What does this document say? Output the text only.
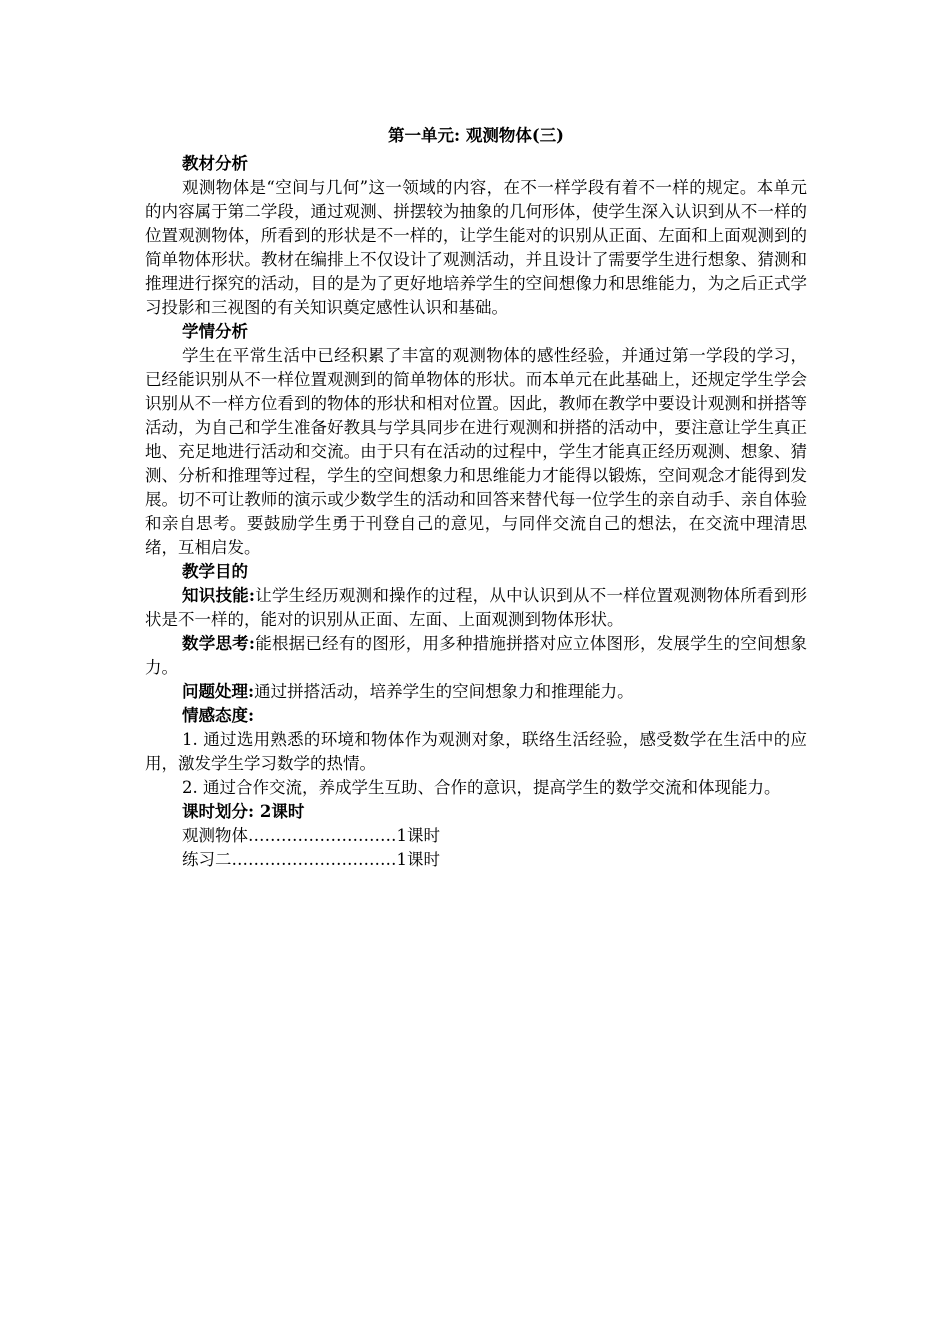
第一单元: 观测物体(三)

教材分析

观测物体是“空间与几何”这一领域的内容，在不一样学段有着不一样的规定。本单元的内容属于第二学段，通过观测、拼摆较为抽象的几何形体，使学生深入认识到从不一样的位置观测物体，所看到的形状是不一样的，让学生能对的识别从正面、左面和上面观测到的简单物体形状。教材在编排上不仅设计了观测活动，并且设计了需要学生进行想象、猜测和推理进行探究的活动，目的是为了更好地培养学生的空间想像力和思维能力，为之后正式学习投影和三视图的有关知识奠定感性认识和基础。

学情分析

学生在平常生活中已经积累了丰富的观测物体的感性经验，并通过第一学段的学习，已经能识别从不一样位置观测到的简单物体的形状。而本单元在此基础上，还规定学生学会识别从不一样方位看到的物体的形状和相对位置。因此，教师在教学中要设计观测和拼搭等活动，为自己和学生准备好教具与学具同步在进行观测和拼搭的活动中，要注意让学生真正地、充足地进行活动和交流。由于只有在活动的过程中，学生才能真正经历观测、想象、猜测、分析和推理等过程，学生的空间想象力和思维能力才能得以锻炼，空间观念才能得到发展。切不可让教师的演示或少数学生的活动和回答来替代每一位学生的亲自动手、亲自体验和亲自思考。要鼓励学生勇于刊登自己的意见，与同伴交流自己的想法，在交流中理清思绪，互相启发。

教学目的

知识技能:让学生经历观测和操作的过程，从中认识到从不一样位置观测物体所看到形状是不一样的，能对的识别从正面、左面、上面观测到物体形状。

数学思考:能根据已经有的图形，用多种措施拼搭对应立体图形，发展学生的空间想象力。

问题处理:通过拼搭活动，培养学生的空间想象力和推理能力。

情感态度:

1. 通过选用熟悉的环境和物体作为观测对象，联络生活经验，感受数学在生活中的应用，激发学生学习数学的热情。

2. 通过合作交流，养成学生互助、合作的意识，提高学生的数学交流和体现能力。

课时划分: 2课时

观测物体………………………1课时

练习二…………………………1课时
